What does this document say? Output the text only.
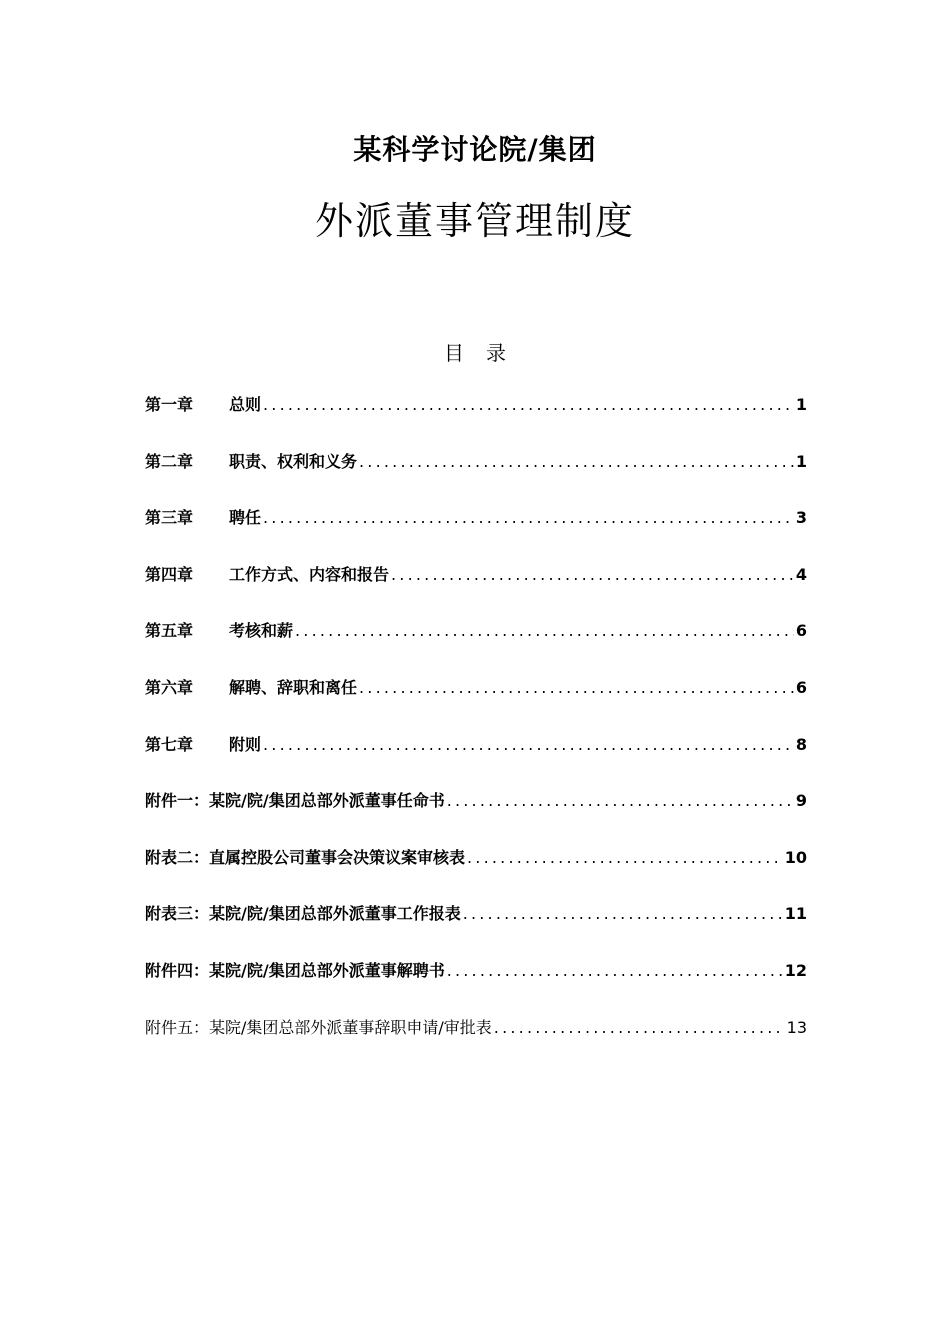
某科学讨论院/集团
外派董事管理制度
目录
第一章	总则 .....	1
第二章	职责、权利和义务 .....	1
第三章	聘任 .....	3
第四章	工作方式、内容和报告 .....	4
第五章	考核和薪 .....	6
第六章	解聘、辞职和离任 .....	6
第七章	附则 .....	8
附件一：某院/院/集团总部外派董事任命书 .....	9
附表二：直属控股公司董事会决策议案审核表 .....	10
附表三：某院/院/集团总部外派董事工作报表 .....	11
附件四：某院/院/集团总部外派董事解聘书 .....	12
附件五：某院/集团总部外派董事辞职申请/审批表 .....	13
